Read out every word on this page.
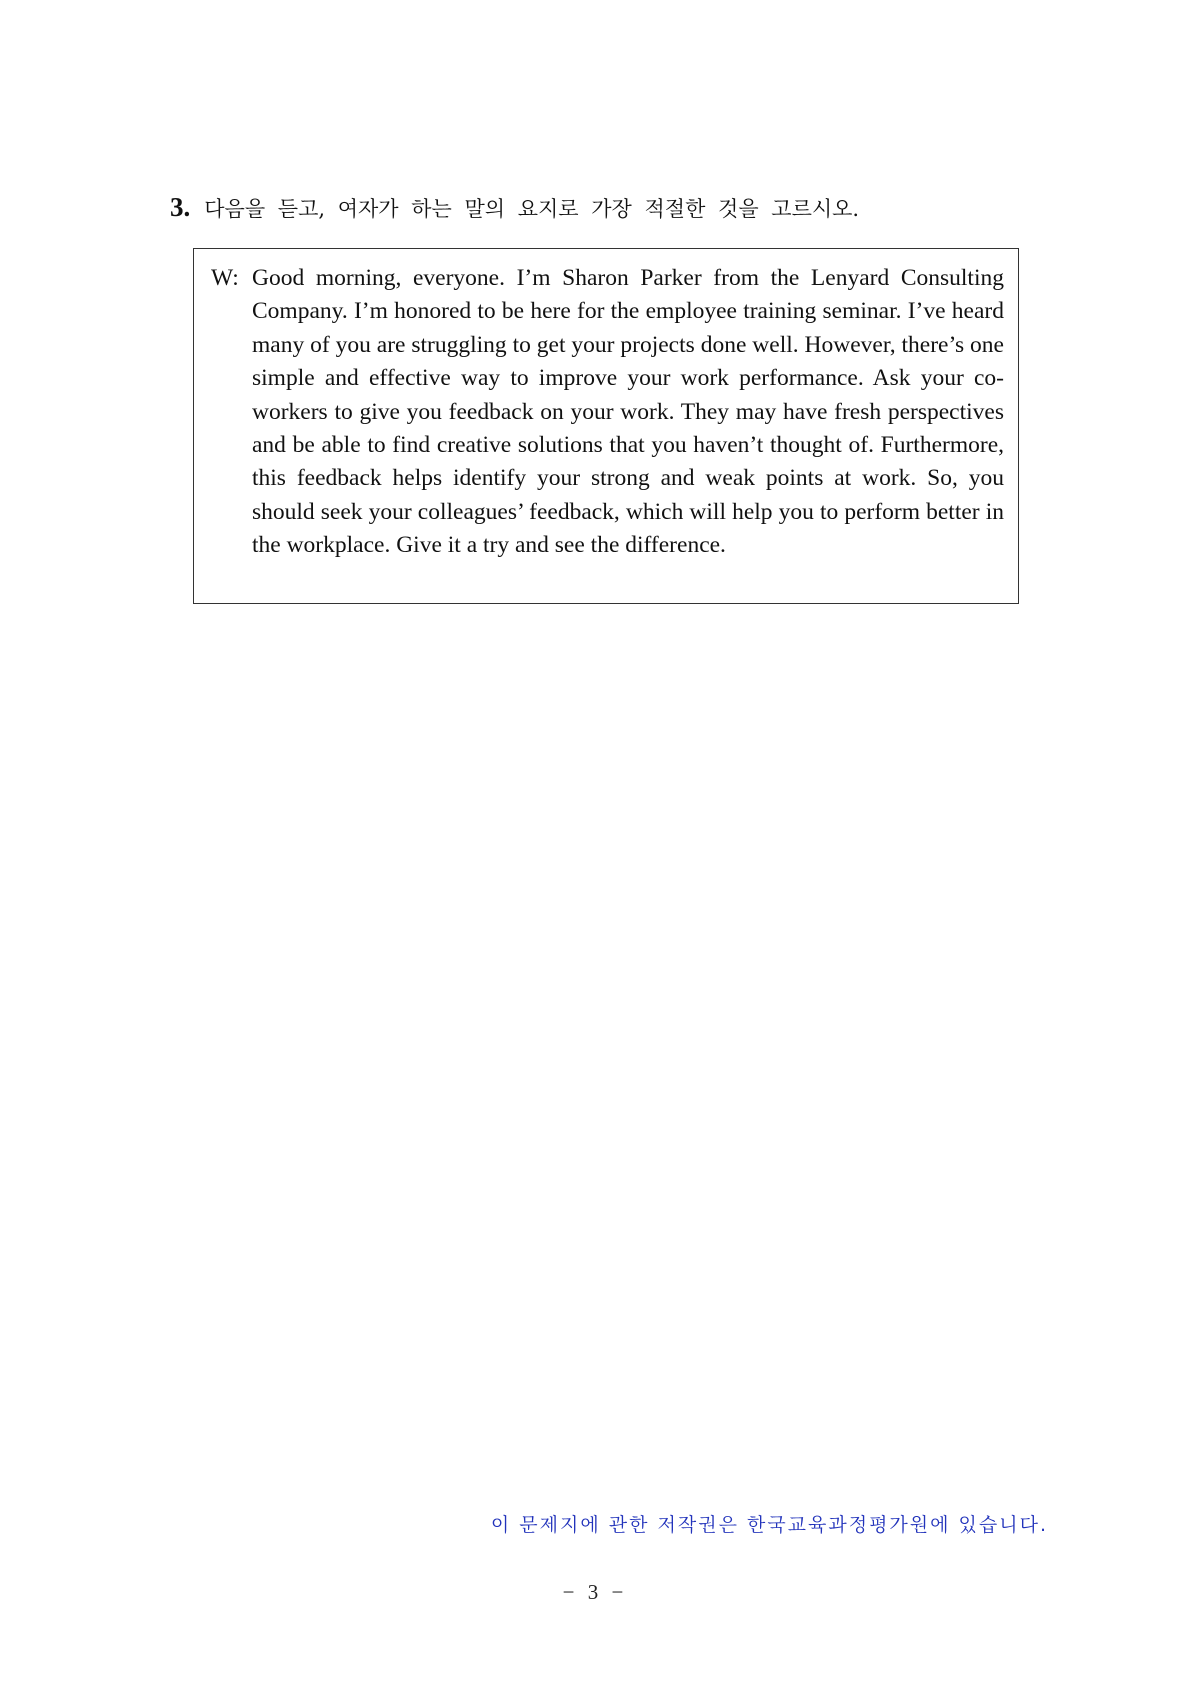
3. 다음을 듣고, 여자가 하는 말의 요지로 가장 적절한 것을 고르시오.
W: Good morning, everyone. I’m Sharon Parker from the Lenyard Consulting Company. I’m honored to be here for the employee training seminar. I’ve heard many of you are struggling to get your projects done well. However, there’s one simple and effective way to improve your work performance. Ask your co-workers to give you feedback on your work. They may have fresh perspectives and be able to find creative solutions that you haven’t thought of. Furthermore, this feedback helps identify your strong and weak points at work. So, you should seek your colleagues’ feedback, which will help you to perform better in the workplace. Give it a try and see the difference.

이 문제지에 관한 저작권은 한국교육과정평가원에 있습니다.
− 3 −
